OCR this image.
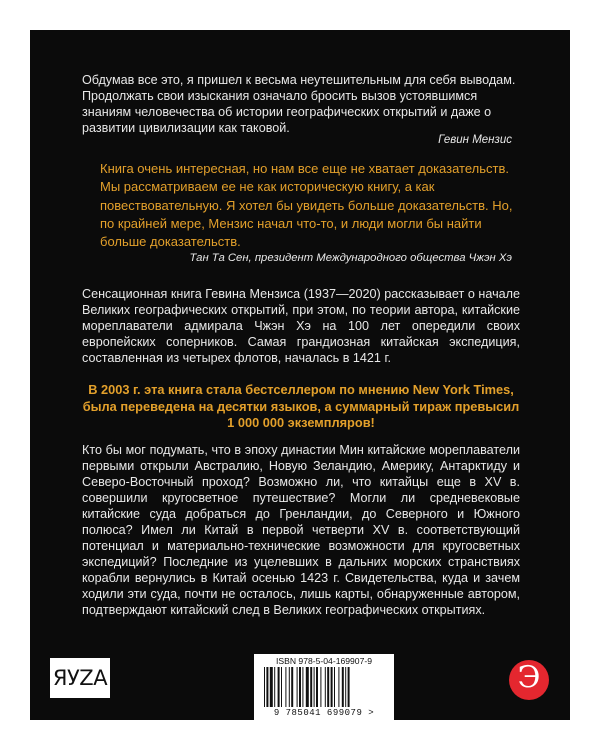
Обдумав все это, я пришел к весьма неутешительным для себя выводам. Продолжать свои изыскания означало бросить вызов устоявшимся знаниям человечества об истории географических открытий и даже о развитии цивилизации как таковой.

Гевин Мензис

Книга очень интересная, но нам все еще не хватает доказательств. Мы рассматриваем ее не как историческую книгу, а как повествовательную. Я хотел бы увидеть больше доказательств. Но, по крайней мере, Мензис начал что-то, и люди могли бы найти больше доказательств.

Тан Та Сен, президент Международного общества Чжэн Хэ

Сенсационная книга Гевина Мензиса (1937—2020) рассказывает о начале Великих географических открытий, при этом, по теории автора, китайские мореплаватели адмирала Чжэн Хэ на 100 лет опередили своих европейских соперников. Самая грандиозная китайская экспедиция, составленная из четырех флотов, началась в 1421 г.

В 2003 г. эта книга стала бестселлером по мнению New York Times, была переведена на десятки языков, а суммарный тираж превысил 1 000 000 экземпляров!

Кто бы мог подумать, что в эпоху династии Мин китайские мореплаватели первыми открыли Австралию, Новую Зеландию, Америку, Антарктиду и Северо-Восточный проход? Возможно ли, что китайцы еще в XV в. совершили кругосветное путешествие? Могли ли средневековые китайские суда добраться до Гренландии, до Северного и Южного полюса? Имел ли Китай в первой четверти XV в. соответствующий потенциал и материально-технические возможности для кругосветных экспедиций? Последние из уцелевших в дальних морских странствиях корабли вернулись в Китай осенью 1423 г. Свидетельства, куда и зачем ходили эти суда, почти не осталось, лишь карты, обнаруженные автором, подтверждают китайский след в Великих географических открытиях.

ЯУZA
ISBN 978-5-04-169907-9
9 785041 699079 >
Э
